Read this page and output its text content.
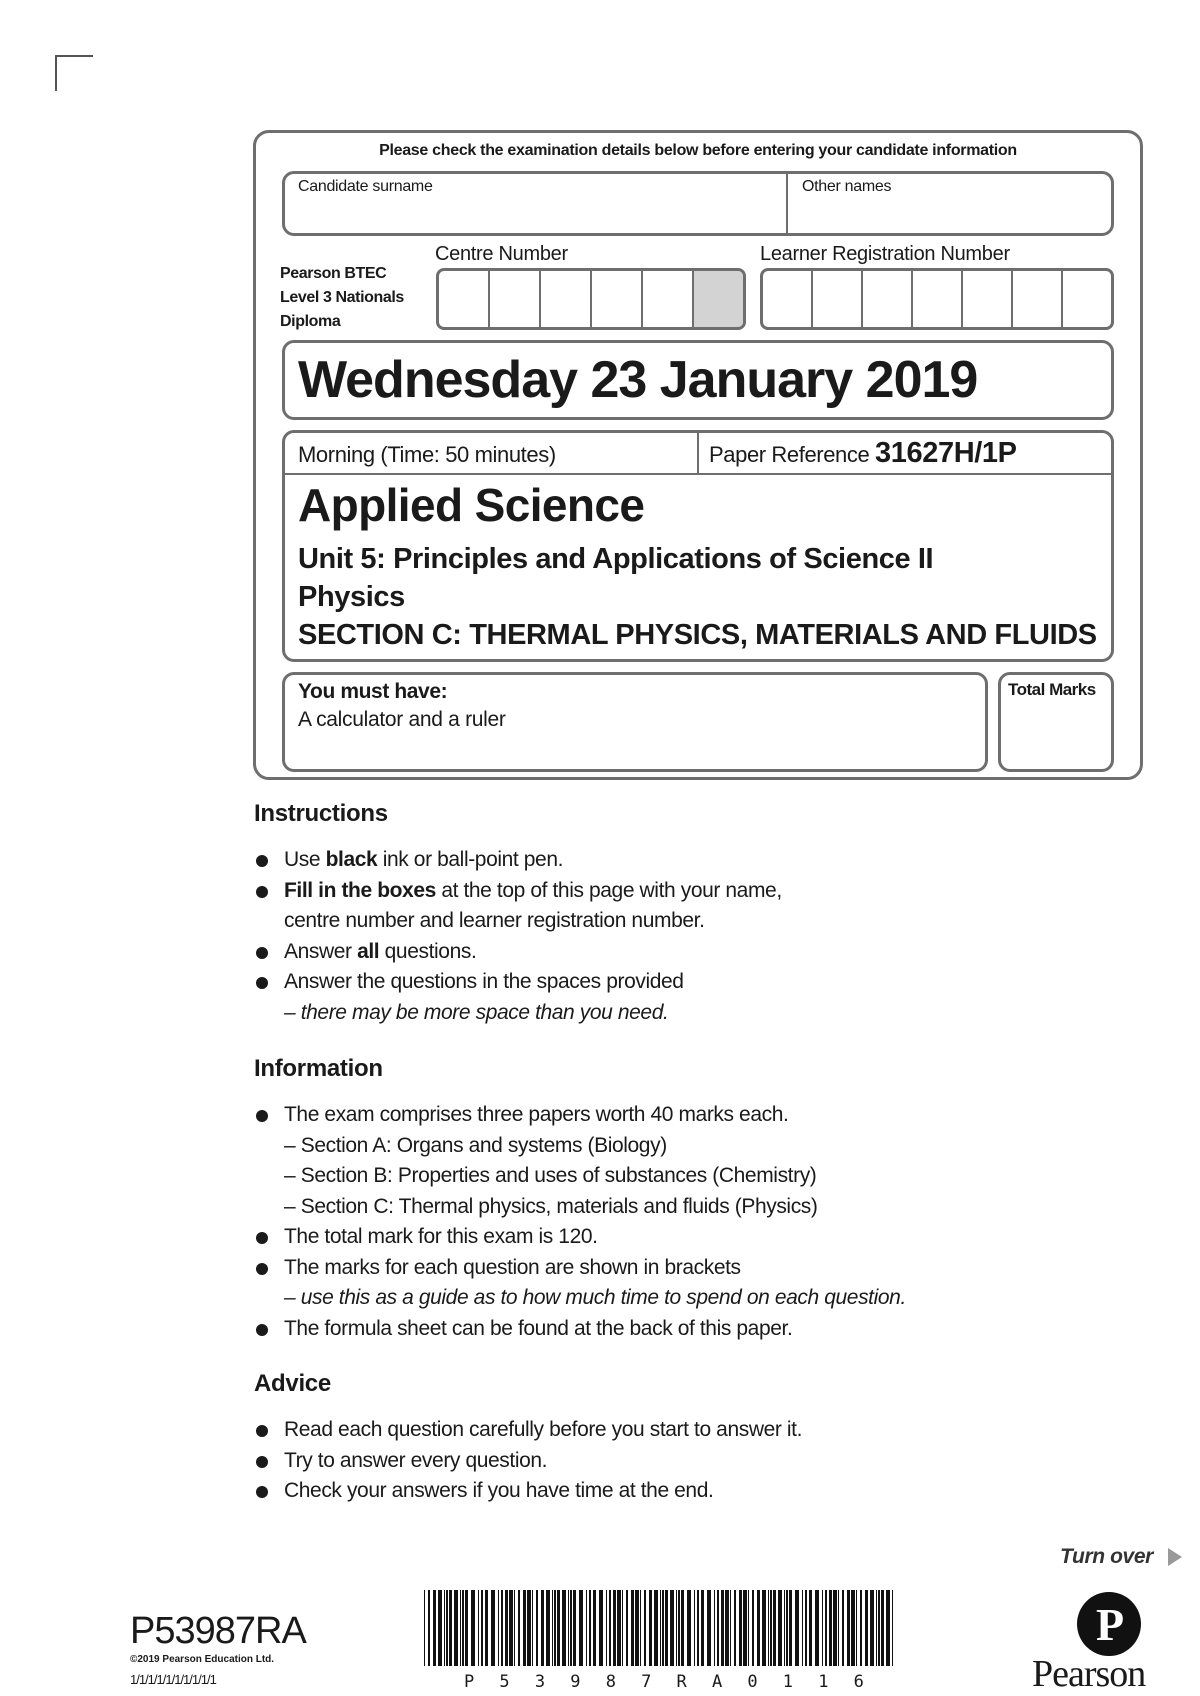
Please check the examination details below before entering your candidate information
Candidate surname	Other names
Pearson BTEC
Level 3 Nationals
Diploma
Centre Number	Learner Registration Number
Wednesday 23 January 2019
Morning (Time: 50 minutes)	Paper Reference 31627H/1P
Applied Science
Unit 5: Principles and Applications of Science II
Physics
SECTION C: THERMAL PHYSICS, MATERIALS AND FLUIDS
You must have:
A calculator and a ruler
Total Marks
Instructions
Use black ink or ball-point pen.
Fill in the boxes at the top of this page with your name,
centre number and learner registration number.
Answer all questions.
Answer the questions in the spaces provided
– there may be more space than you need.
Information
The exam comprises three papers worth 40 marks each.
– Section A: Organs and systems (Biology)
– Section B: Properties and uses of substances (Chemistry)
– Section C: Thermal physics, materials and fluids (Physics)
The total mark for this exam is 120.
The marks for each question are shown in brackets
– use this as a guide as to how much time to spend on each question.
The formula sheet can be found at the back of this paper.
Advice
Read each question carefully before you start to answer it.
Try to answer every question.
Check your answers if you have time at the end.
Turn over
P53987RA
©2019 Pearson Education Ltd.
1/1/1/1/1/1/1/1/1/1	P 5 3 9 8 7 R A 0 1 1 6
P
Pearson
